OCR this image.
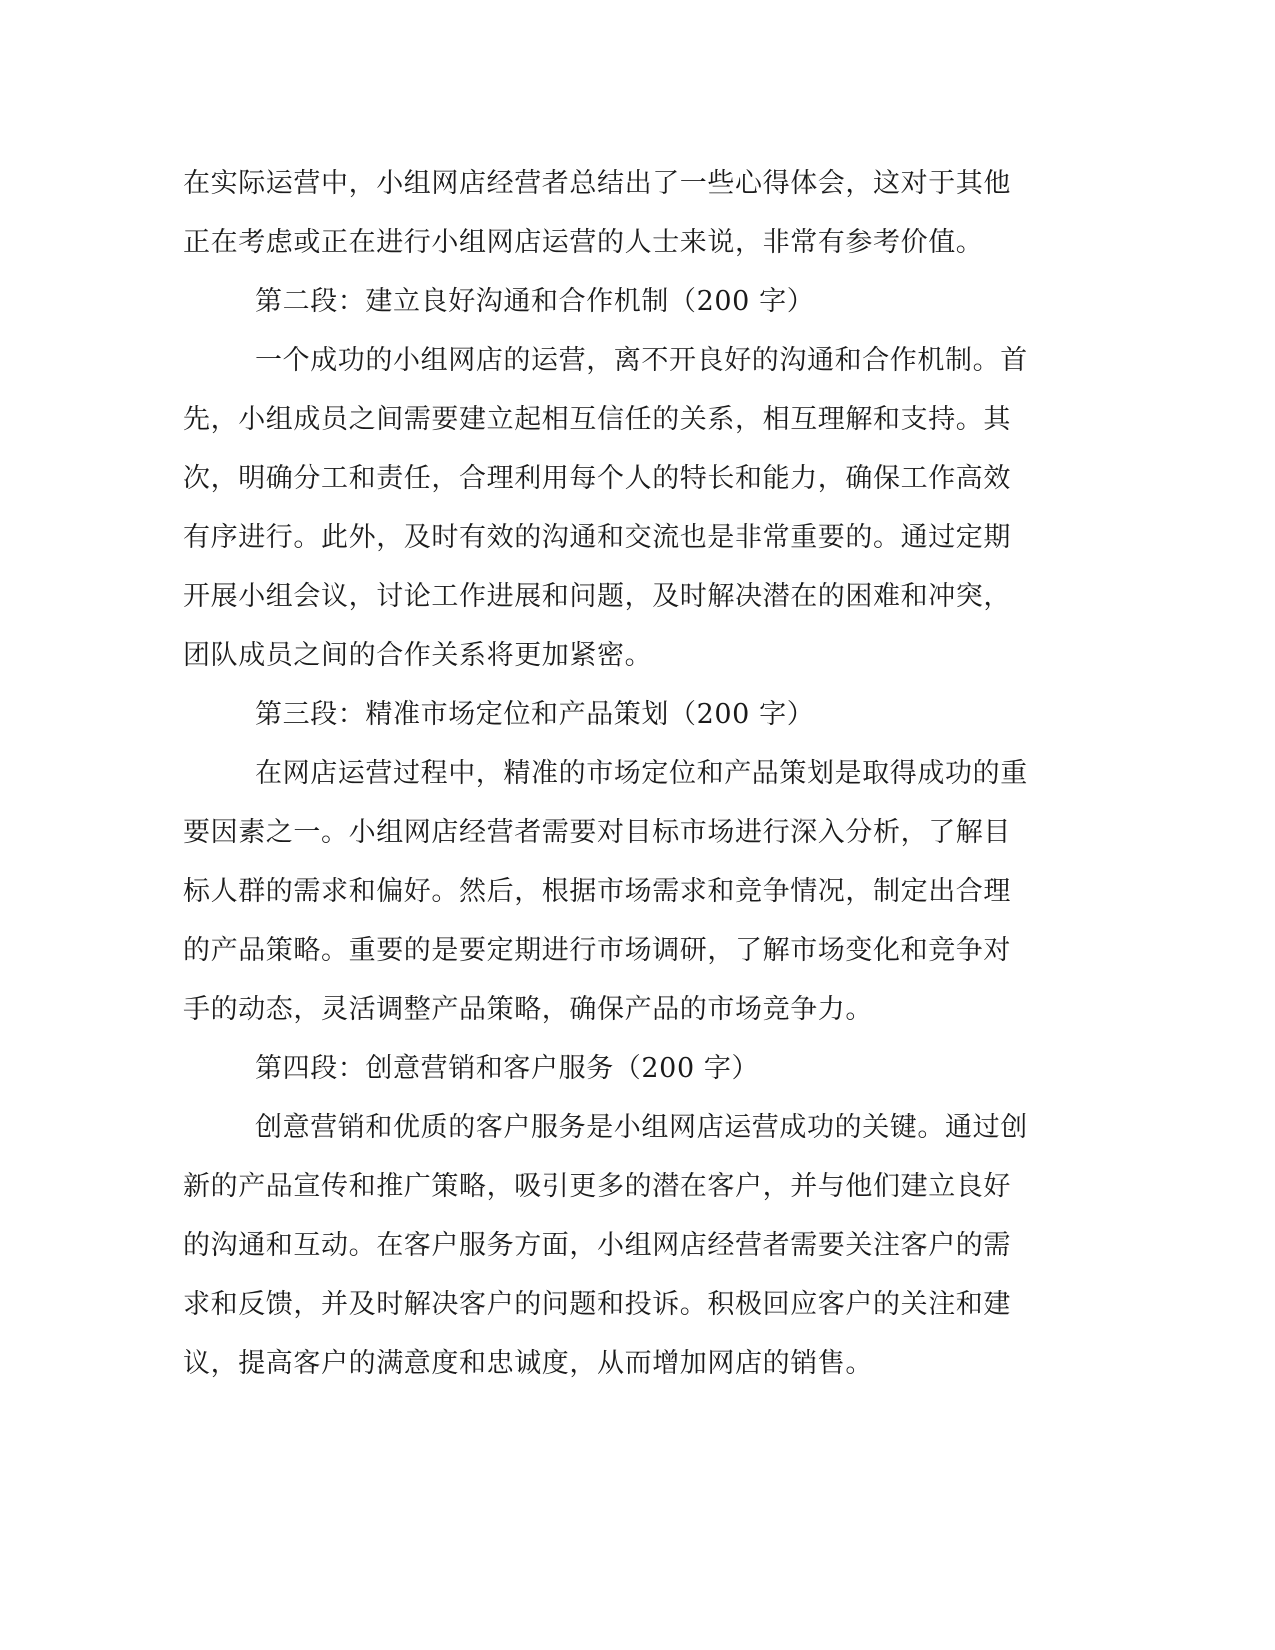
在实际运营中，小组网店经营者总结出了一些心得体会，这对于其他
正在考虑或正在进行小组网店运营的人士来说，非常有参考价值。
第二段：建立良好沟通和合作机制（200 字）
一个成功的小组网店的运营，离不开良好的沟通和合作机制。首
先，小组成员之间需要建立起相互信任的关系，相互理解和支持。其
次，明确分工和责任，合理利用每个人的特长和能力，确保工作高效
有序进行。此外，及时有效的沟通和交流也是非常重要的。通过定期
开展小组会议，讨论工作进展和问题，及时解决潜在的困难和冲突，
团队成员之间的合作关系将更加紧密。
第三段：精准市场定位和产品策划（200 字）
在网店运营过程中，精准的市场定位和产品策划是取得成功的重
要因素之一。小组网店经营者需要对目标市场进行深入分析，了解目
标人群的需求和偏好。然后，根据市场需求和竞争情况，制定出合理
的产品策略。重要的是要定期进行市场调研，了解市场变化和竞争对
手的动态，灵活调整产品策略，确保产品的市场竞争力。
第四段：创意营销和客户服务（200 字）
创意营销和优质的客户服务是小组网店运营成功的关键。通过创
新的产品宣传和推广策略，吸引更多的潜在客户，并与他们建立良好
的沟通和互动。在客户服务方面，小组网店经营者需要关注客户的需
求和反馈，并及时解决客户的问题和投诉。积极回应客户的关注和建
议，提高客户的满意度和忠诚度，从而增加网店的销售。
